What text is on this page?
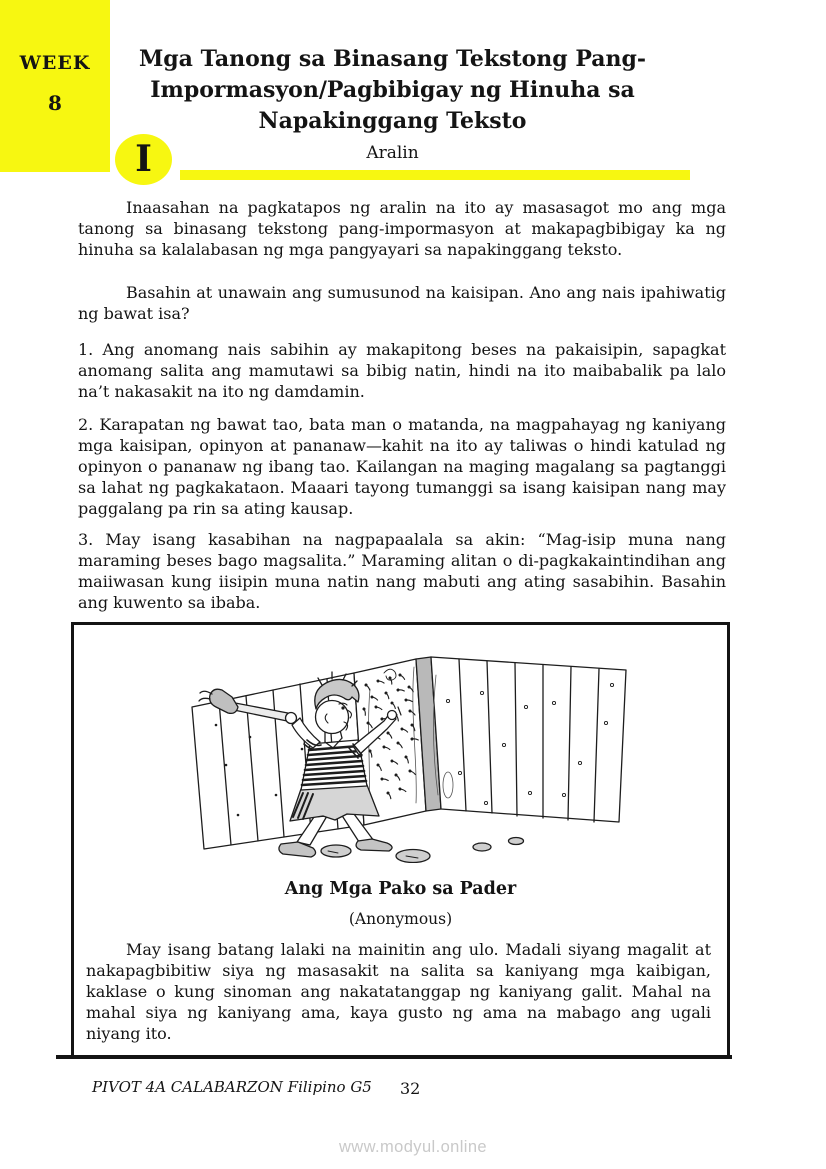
WEEK
8
Mga Tanong sa Binasang Tekstong Pang-
Impormasyon/Pagbibigay ng Hinuha sa
Napakinggang Teksto
Aralin
I

Inaasahan na pagkatapos ng aralin na ito ay masasagot mo ang mga tanong sa binasang tekstong pang-impormasyon at makapagbibigay ka ng hinuha sa kalalabasan ng mga pangyayari sa napakinggang teksto.

Basahin at unawain ang sumusunod na kaisipan. Ano ang nais ipahiwatig ng bawat isa?

1. Ang anomang nais sabihin ay makapitong beses na pakaisipin, sapagkat anomang salita ang mamutawi sa bibig natin, hindi na ito maibabalik pa lalo na’t nakasakit na ito ng damdamin.

2. Karapatan ng bawat tao, bata man o matanda, na magpahayag ng kaniyang mga kaisipan, opinyon at pananaw—kahit na ito ay taliwas o hindi katulad ng opinyon o pananaw ng ibang tao. Kailangan na maging magalang sa pagtanggi sa lahat ng pagkakataon. Maaari tayong tumanggi sa isang kaisipan nang may paggalang pa rin sa ating kausap.

3. May isang kasabihan na nagpapaalala sa akin: “Mag-isip muna nang maraming beses bago magsalita.” Maraming alitan o di-pagkakaintindihan ang maiiwasan kung iisipin muna natin nang mabuti ang ating sasabihin. Basahin ang kuwento sa ibaba.

Ang Mga Pako sa Pader
(Anonymous)

May isang batang lalaki na mainitin ang ulo. Madali siyang magalit at nakapagbibitiw siya ng masasakit na salita sa kaniyang mga kaibigan, kaklase o kung sinoman ang nakatatanggap ng kaniyang galit. Mahal na mahal siya ng kaniyang ama, kaya gusto ng ama na mabago ang ugali niyang ito.

PIVOT 4A CALABARZON Filipino G5 32
www.modyul.online
